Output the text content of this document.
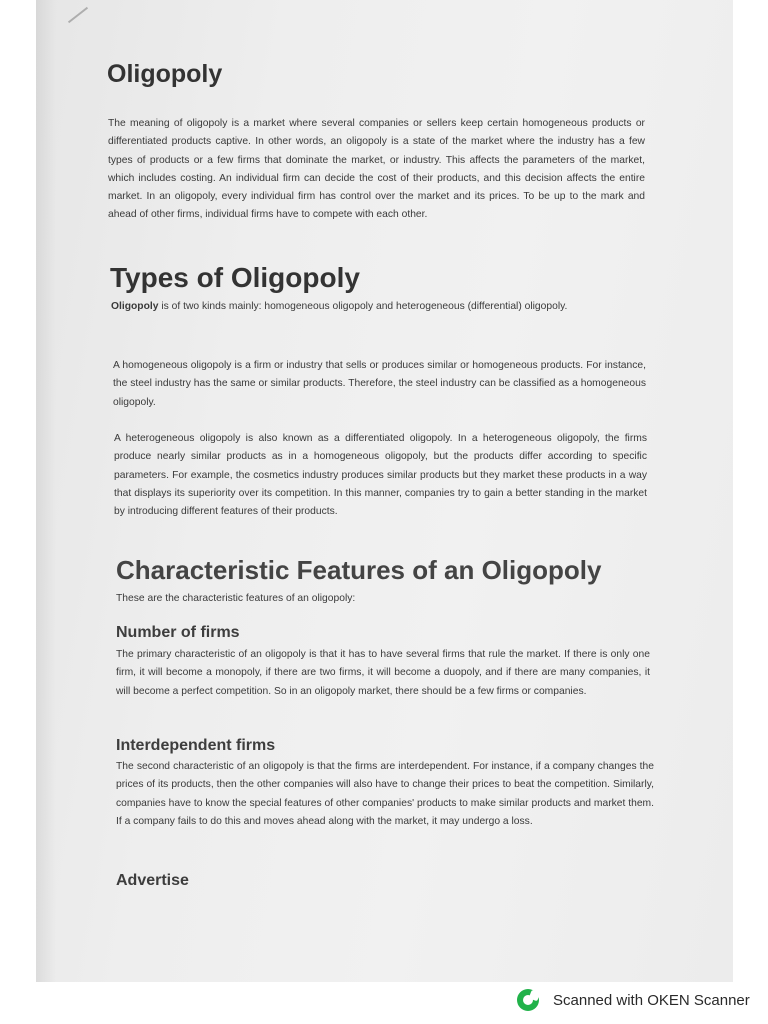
Oligopoly

The meaning of oligopoly is a market where several companies or sellers keep certain homogeneous products or differentiated products captive. In other words, an oligopoly is a state of the market where the industry has a few types of products or a few firms that dominate the market, or industry. This affects the parameters of the market, which includes costing. An individual firm can decide the cost of their products, and this decision affects the entire market. In an oligopoly, every individual firm has control over the market and its prices. To be up to the mark and ahead of other firms, individual firms have to compete with each other.

Types of Oligopoly

Oligopoly is of two kinds mainly: homogeneous oligopoly and heterogeneous (differential) oligopoly.

A homogeneous oligopoly is a firm or industry that sells or produces similar or homogeneous products. For instance, the steel industry has the same or similar products. Therefore, the steel industry can be classified as a homogeneous oligopoly.

A heterogeneous oligopoly is also known as a differentiated oligopoly. In a heterogeneous oligopoly, the firms produce nearly similar products as in a homogeneous oligopoly, but the products differ according to specific parameters. For example, the cosmetics industry produces similar products but they market these products in a way that displays its superiority over its competition. In this manner, companies try to gain a better standing in the market by introducing different features of their products.

Characteristic Features of an Oligopoly

These are the characteristic features of an oligopoly:

Number of firms

The primary characteristic of an oligopoly is that it has to have several firms that rule the market. If there is only one firm, it will become a monopoly, if there are two firms, it will become a duopoly, and if there are many companies, it will become a perfect competition. So in an oligopoly market, there should be a few firms or companies.

Interdependent firms

The second characteristic of an oligopoly is that the firms are interdependent. For instance, if a company changes the prices of its products, then the other companies will also have to change their prices to beat the competition. Similarly, companies have to know the special features of other companies' products to make similar products and market them. If a company fails to do this and moves ahead along with the market, it may undergo a loss.

Advertise
Scanned with OKEN Scanner
